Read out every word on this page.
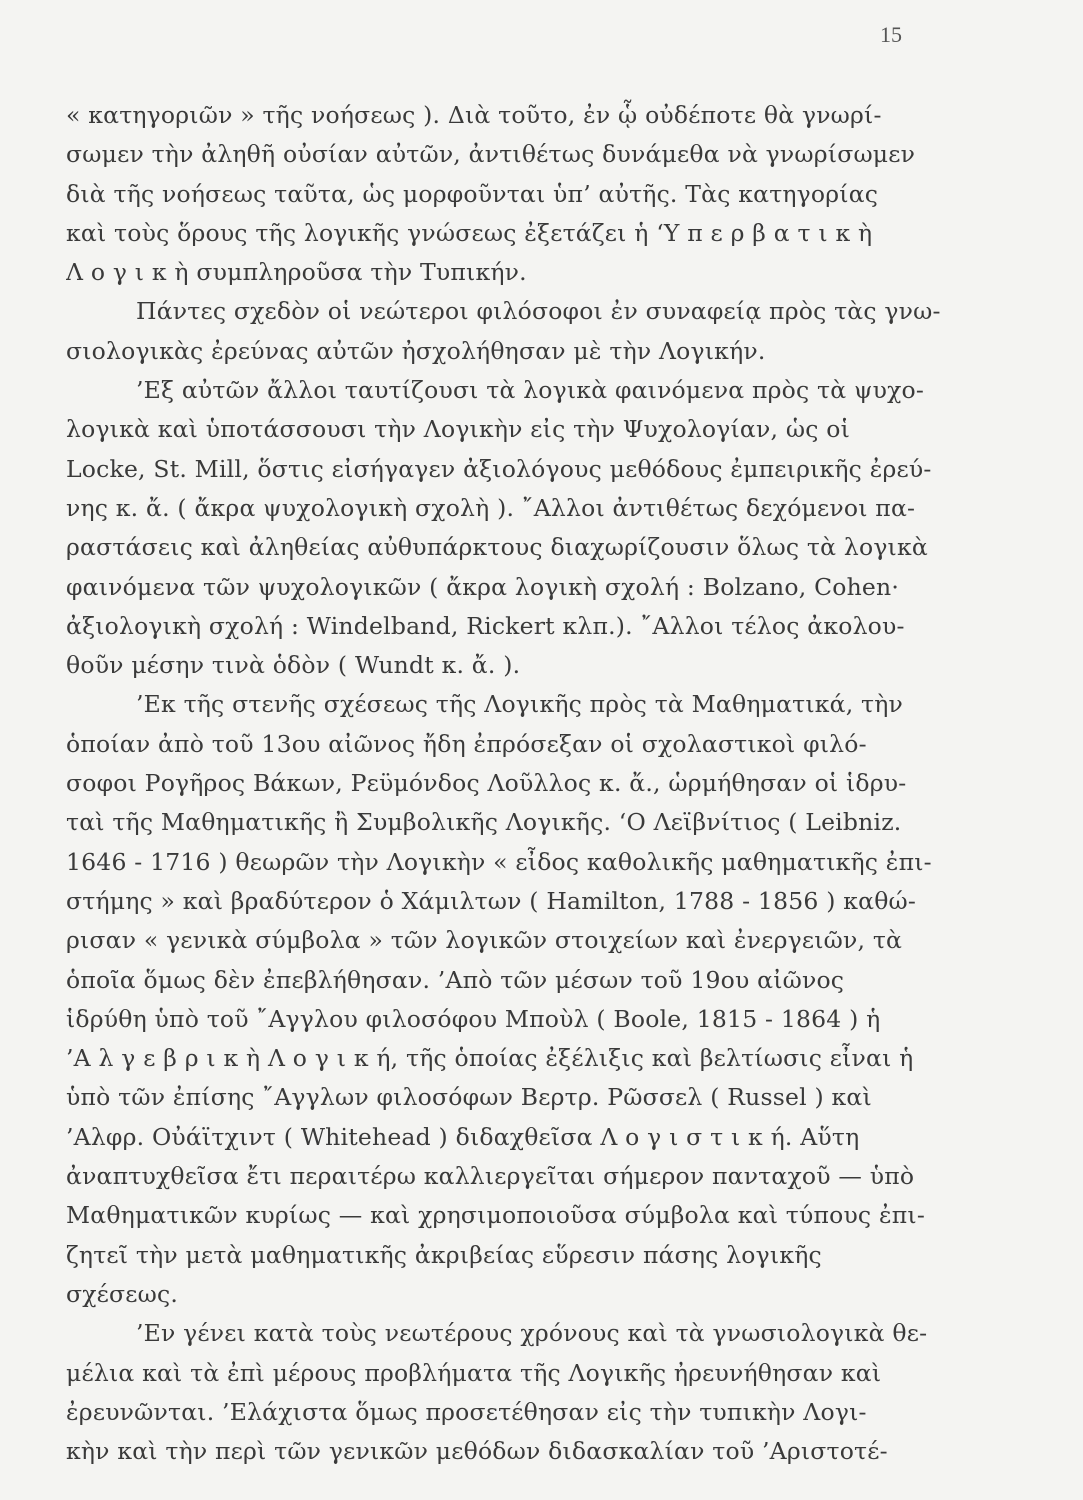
15
« κατηγοριῶν » τῆς νοήσεως ). Διὰ τοῦτο, ἐν ᾧ οὐδέποτε θὰ γνωρί-
σωμεν τὴν ἀληθῆ οὐσίαν αὐτῶν, ἀντιθέτως δυνάμεθα νὰ γνωρίσωμεν
διὰ τῆς νοήσεως ταῦτα, ὡς μορφοῦνται ὑπ’ αὐτῆς. Τὰς κατηγορίας
καὶ τοὺς ὅρους τῆς λογικῆς γνώσεως ἐξετάζει ἡ ‘Υ π ε ρ β α τ ι κ ὴ
Λ ο γ ι κ ὴ συμπληροῦσα τὴν Τυπικήν.
Πάντες σχεδὸν οἱ νεώτεροι φιλόσοφοι ἐν συναφείᾳ πρὸς τὰς γνω-
σιολογικὰς ἐρεύνας αὐτῶν ἠσχολήθησαν μὲ τὴν Λογικήν.
’Εξ αὐτῶν ἄλλοι ταυτίζουσι τὰ λογικὰ φαινόμενα πρὸς τὰ ψυχο-
λογικὰ καὶ ὑποτάσσουσι τὴν Λογικὴν εἰς τὴν Ψυχολογίαν, ὡς οἱ
Locke, St. Mill, ὅστις εἰσήγαγεν ἀξιολόγους μεθόδους ἐμπειρικῆς ἐρεύ-
νης κ. ἄ. ( ἄκρα ψυχολογικὴ σχολὴ ). ῎Αλλοι ἀντιθέτως δεχόμενοι πα-
ραστάσεις καὶ ἀληθείας αὐθυπάρκτους διαχωρίζουσιν ὅλως τὰ λογικὰ
φαινόμενα τῶν ψυχολογικῶν ( ἄκρα λογικὴ σχολή : Bolzano, Cohen·
ἀξιολογικὴ σχολή : Windelband, Rickert κλπ.). ῎Αλλοι τέλος ἀκολου-
θοῦν μέσην τινὰ ὁδὸν ( Wundt κ. ἄ. ).
’Εκ τῆς στενῆς σχέσεως τῆς Λογικῆς πρὸς τὰ Μαθηματικά, τὴν
ὁποίαν ἀπὸ τοῦ 13ου αἰῶνος ἤδη ἐπρόσεξαν οἱ σχολαστικοὶ φιλό-
σοφοι Ρογῆρος Βάκων, Ρεϋμόνδος Λοῦλλος κ. ἄ., ὡρμήθησαν οἱ ἱδρυ-
ταὶ τῆς Μαθηματικῆς ἢ Συμβολικῆς Λογικῆς. ‘Ο Λεϊβνίτιος ( Leibniz.
1646 - 1716 ) θεωρῶν τὴν Λογικὴν « εἶδος καθολικῆς μαθηματικῆς ἐπι-
στήμης » καὶ βραδύτερον ὁ Χάμιλτων ( Hamilton, 1788 - 1856 ) καθώ-
ρισαν « γενικὰ σύμβολα » τῶν λογικῶν στοιχείων καὶ ἐνεργειῶν, τὰ
ὁποῖα ὅμως δὲν ἐπεβλήθησαν. ’Απὸ τῶν μέσων τοῦ 19ου αἰῶνος
ἱδρύθη ὑπὸ τοῦ ῎Αγγλου φιλοσόφου Μποὺλ ( Boole, 1815 - 1864 ) ἡ
’Α λ γ ε β ρ ι κ ὴ Λ ο γ ι κ ή, τῆς ὁποίας ἐξέλιξις καὶ βελτίωσις εἶναι ἡ
ὑπὸ τῶν ἐπίσης ῎Αγγλων φιλοσόφων Βερτρ. Ρῶσσελ ( Russel ) καὶ
’Αλφρ. Οὐάϊτχιντ ( Whitehead ) διδαχθεῖσα Λ ο γ ι σ τ ι κ ή. Αὕτη
ἀναπτυχθεῖσα ἔτι περαιτέρω καλλιεργεῖται σήμερον πανταχοῦ — ὑπὸ
Μαθηματικῶν κυρίως — καὶ χρησιμοποιοῦσα σύμβολα καὶ τύπους ἐπι-
ζητεῖ τὴν μετὰ μαθηματικῆς ἀκριβείας εὕρεσιν πάσης λογικῆς
σχέσεως.
’Εν γένει κατὰ τοὺς νεωτέρους χρόνους καὶ τὰ γνωσιολογικὰ θε-
μέλια καὶ τὰ ἐπὶ μέρους προβλήματα τῆς Λογικῆς ἠρευνήθησαν καὶ
ἐρευνῶνται. ’Ελάχιστα ὅμως προσετέθησαν εἰς τὴν τυπικὴν Λογι-
κὴν καὶ τὴν περὶ τῶν γενικῶν μεθόδων διδασκαλίαν τοῦ ’Αριστοτέ-
